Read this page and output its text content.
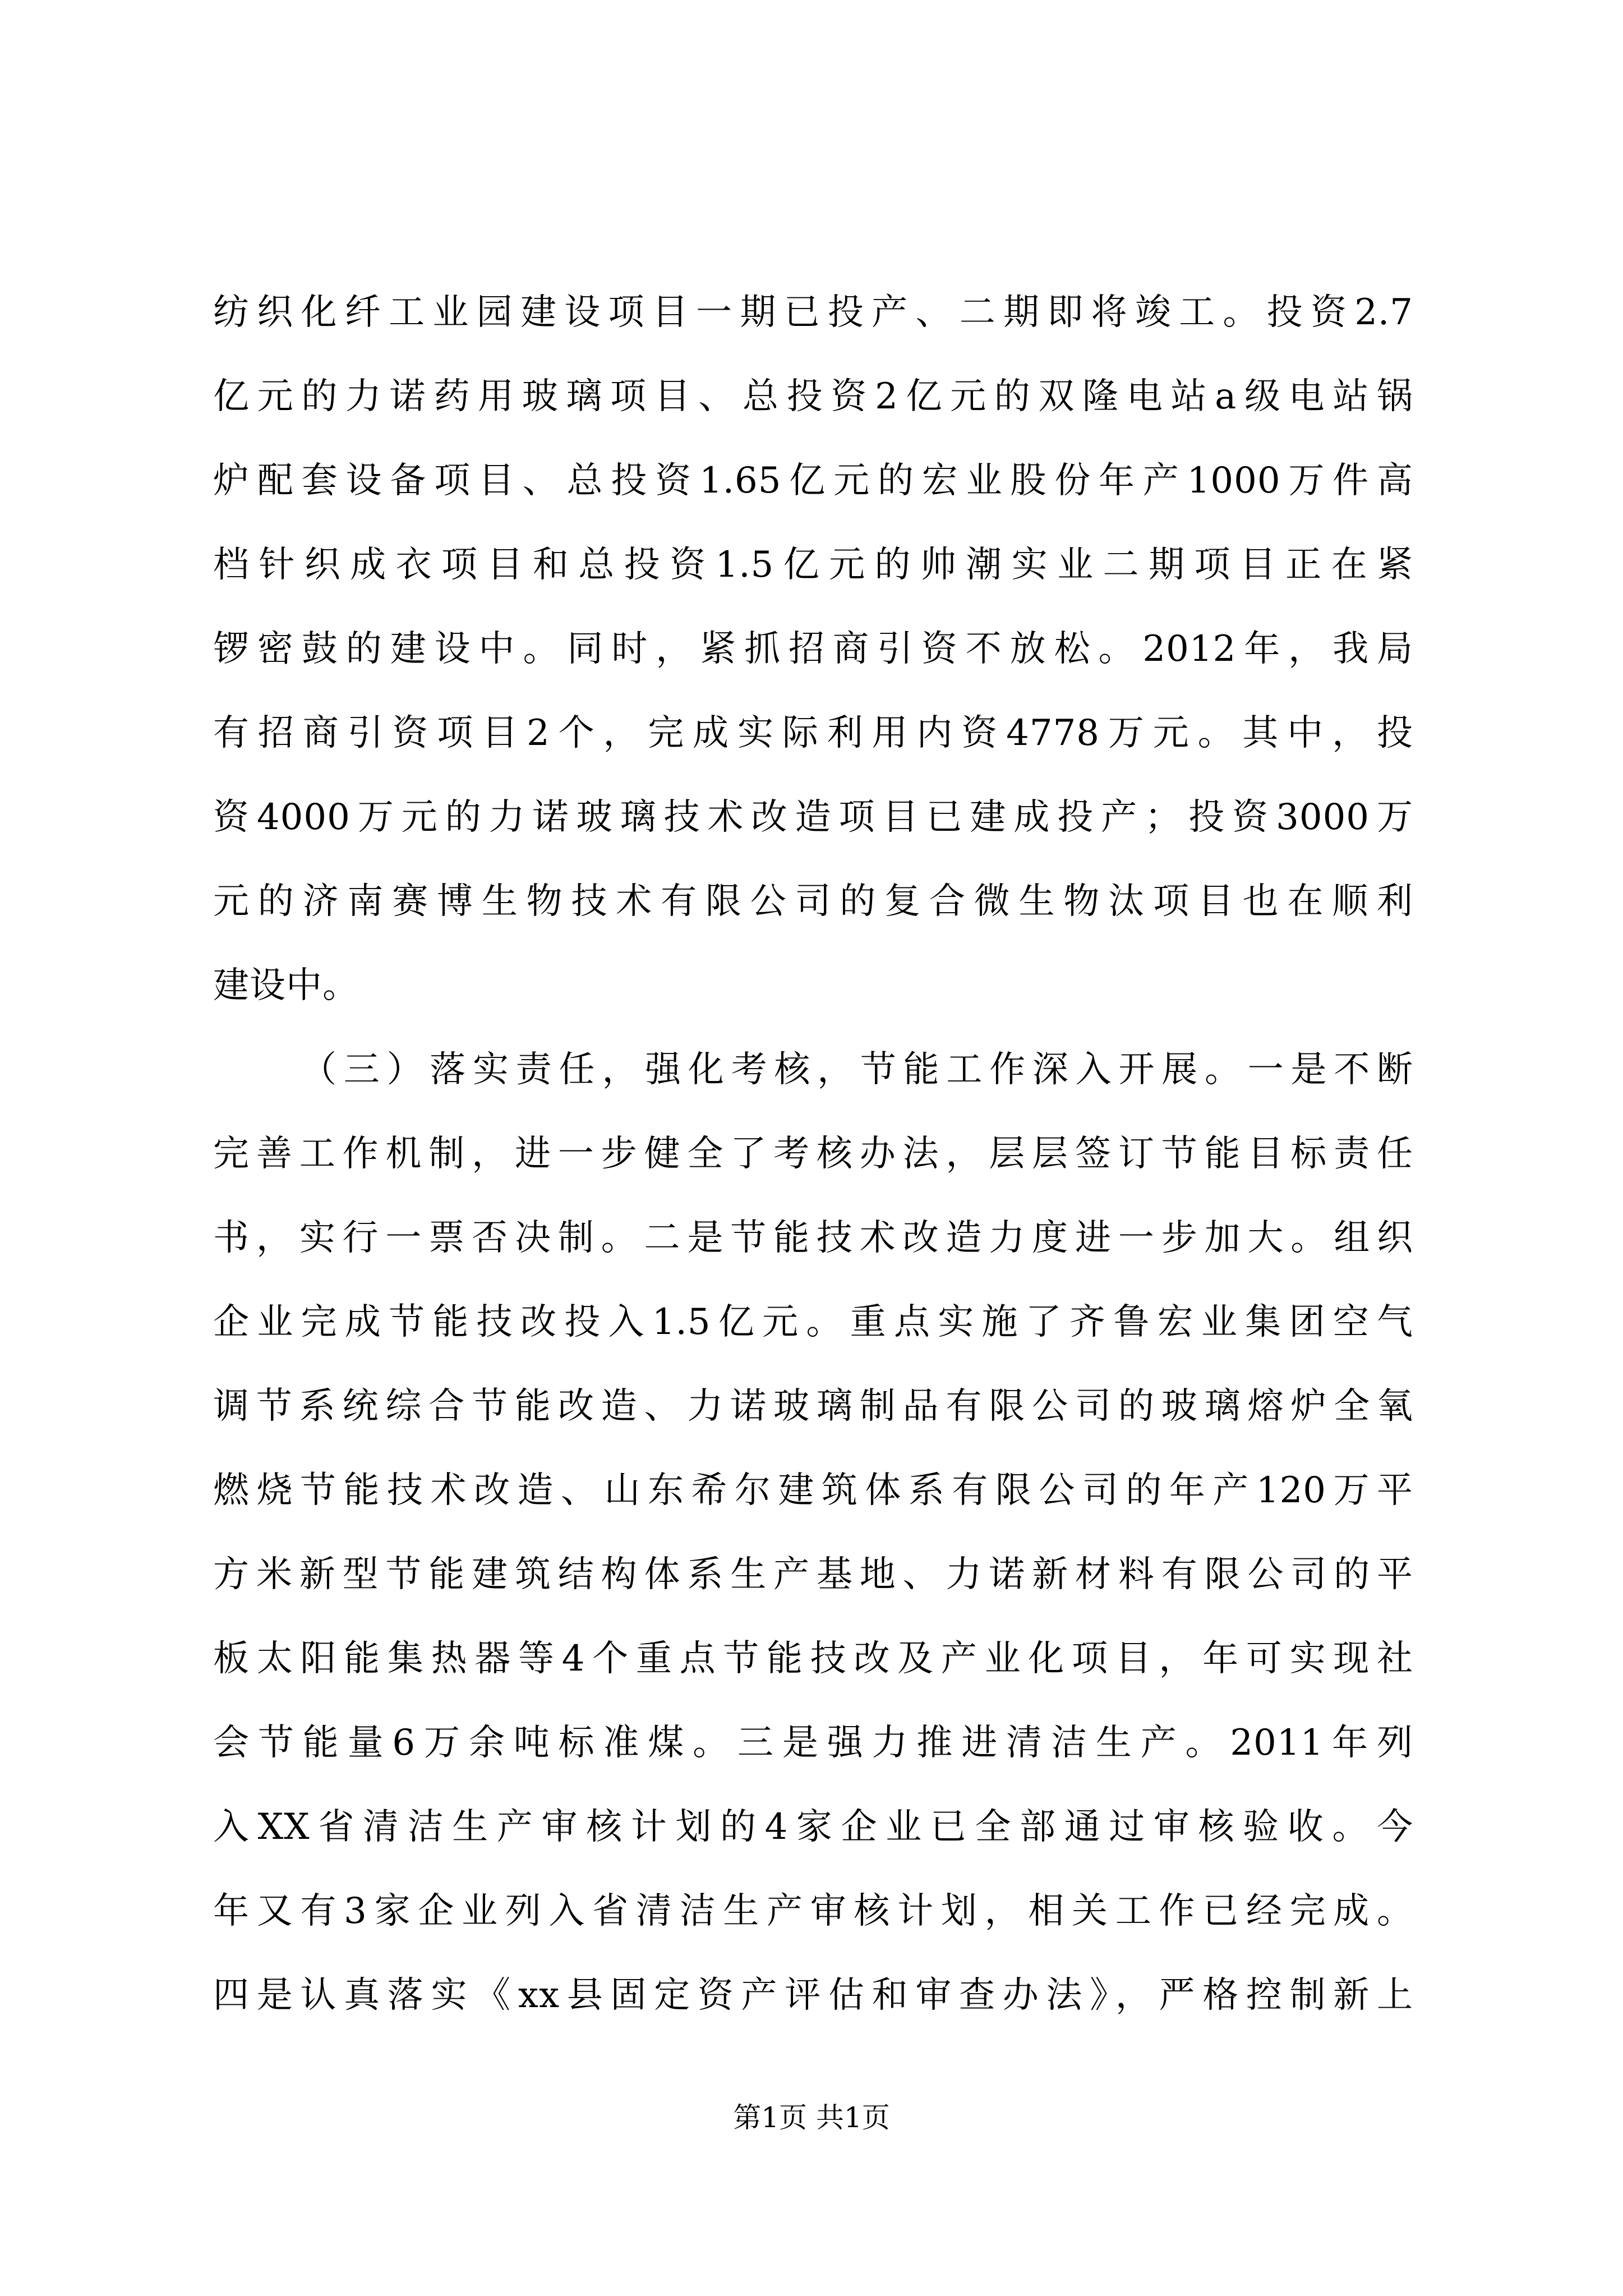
纺织化纤工业园建设项目一期已投产、二期即将竣工。投资2.7
亿元的力诺药用玻璃项目、总投资2亿元的双隆电站a级电站锅
炉配套设备项目、总投资1.65亿元的宏业股份年产1000万件高
档针织成衣项目和总投资1.5亿元的帅潮实业二期项目正在紧
锣密鼓的建设中。同时，紧抓招商引资不放松。2012年，我局
有招商引资项目2个，完成实际利用内资4778万元。其中，投
资4000万元的力诺玻璃技术改造项目已建成投产；投资3000万
元的济南赛博生物技术有限公司的复合微生物汰项目也在顺利
建设中。
（三）落实责任，强化考核，节能工作深入开展。一是不断
完善工作机制，进一步健全了考核办法，层层签订节能目标责任
书，实行一票否决制。二是节能技术改造力度进一步加大。组织
企业完成节能技改投入1.5亿元。重点实施了齐鲁宏业集团空气
调节系统综合节能改造、力诺玻璃制品有限公司的玻璃熔炉全氧
燃烧节能技术改造、山东希尔建筑体系有限公司的年产120万平
方米新型节能建筑结构体系生产基地、力诺新材料有限公司的平
板太阳能集热器等4个重点节能技改及产业化项目，年可实现社
会节能量6万余吨标准煤。三是强力推进清洁生产。2011年列
入XX省清洁生产审核计划的4家企业已全部通过审核验收。今
年又有3家企业列入省清洁生产审核计划，相关工作已经完成。
四是认真落实《xx县固定资产评估和审查办法》，严格控制新上
第1页 共1页
